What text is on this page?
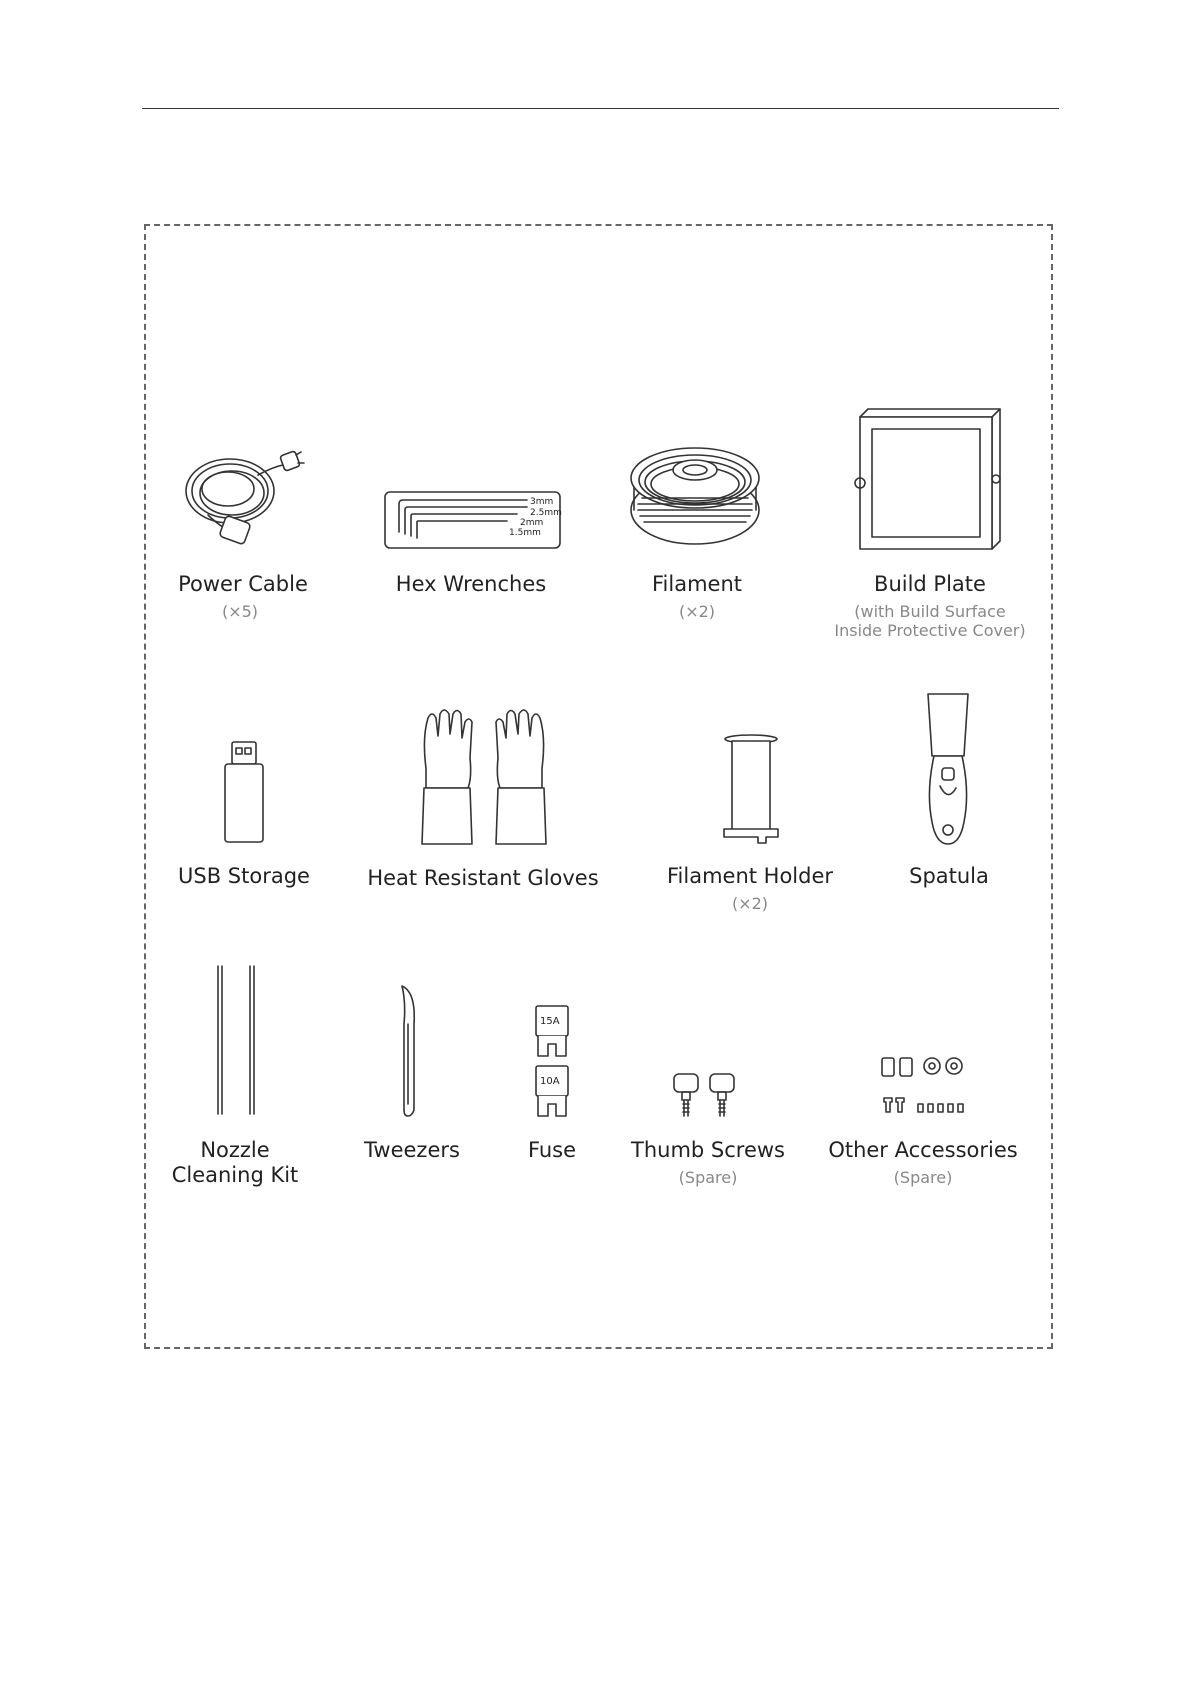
Power Cable
(×5)
3mm
2.5mm
2mm
1.5mm
Hex Wrenches	Filament
(×2)
Build Plate
(with Build Surface
Inside Protective Cover)
USB Storage	Heat Resistant Gloves	Filament Holder
(×2)
Spatula
Nozzle
Cleaning Kit
Tweezers
15A
10A
Fuse	Thumb Screws
(Spare)
Other Accessories
(Spare)
